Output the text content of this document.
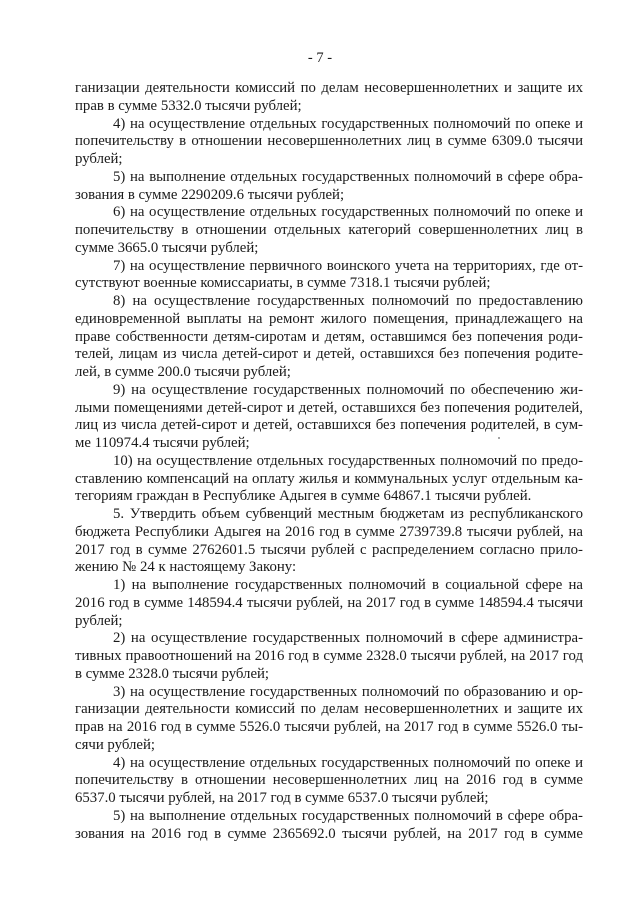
- 7 -
ганизации деятельности комиссий по делам несовершеннолетних и защите их
прав в сумме 5332.0 тысячи рублей;
4) на осуществление отдельных государственных полномочий по опеке и
попечительству в отношении несовершеннолетних лиц в сумме 6309.0 тысячи
рублей;
5) на выполнение отдельных государственных полномочий в сфере обра-
зования в сумме 2290209.6 тысячи рублей;
6) на осуществление отдельных государственных полномочий по опеке и
попечительству в отношении отдельных категорий совершеннолетних лиц в
сумме 3665.0 тысячи рублей;
7) на осуществление первичного воинского учета на территориях, где от-
сутствуют военные комиссариаты, в сумме 7318.1 тысячи рублей;
8) на осуществление государственных полномочий по предоставлению
единовременной выплаты на ремонт жилого помещения, принадлежащего на
праве собственности детям-сиротам и детям, оставшимся без попечения роди-
телей, лицам из числа детей-сирот и детей, оставшихся без попечения родите-
лей, в сумме 200.0 тысячи рублей;
9) на осуществление государственных полномочий по обеспечению жи-
лыми помещениями детей-сирот и детей, оставшихся без попечения родителей,
лиц из числа детей-сирот и детей, оставшихся без попечения родителей, в сум-
ме 110974.4 тысячи рублей;
10) на осуществление отдельных государственных полномочий по предо-
ставлению компенсаций на оплату жилья и коммунальных услуг отдельным ка-
тегориям граждан в Республике Адыгея в сумме 64867.1 тысячи рублей.
5. Утвердить объем субвенций местным бюджетам из республиканского
бюджета Республики Адыгея на 2016 год в сумме 2739739.8 тысячи рублей, на
2017 год в сумме 2762601.5 тысячи рублей с распределением согласно прило-
жению № 24 к настоящему Закону:
1) на выполнение государственных полномочий в социальной сфере на
2016 год в сумме 148594.4 тысячи рублей, на 2017 год в сумме 148594.4 тысячи
рублей;
2) на осуществление государственных полномочий в сфере администра-
тивных правоотношений на 2016 год в сумме 2328.0 тысячи рублей, на 2017 год
в сумме 2328.0 тысячи рублей;
3) на осуществление государственных полномочий по образованию и ор-
ганизации деятельности комиссий по делам несовершеннолетних и защите их
прав на 2016 год в сумме 5526.0 тысячи рублей, на 2017 год в сумме 5526.0 ты-
сячи рублей;
4) на осуществление отдельных государственных полномочий по опеке и
попечительству в отношении несовершеннолетних лиц на 2016 год в сумме
6537.0 тысячи рублей, на 2017 год в сумме 6537.0 тысячи рублей;
5) на выполнение отдельных государственных полномочий в сфере обра-
зования на 2016 год в сумме 2365692.0 тысячи рублей, на 2017 год в сумме
